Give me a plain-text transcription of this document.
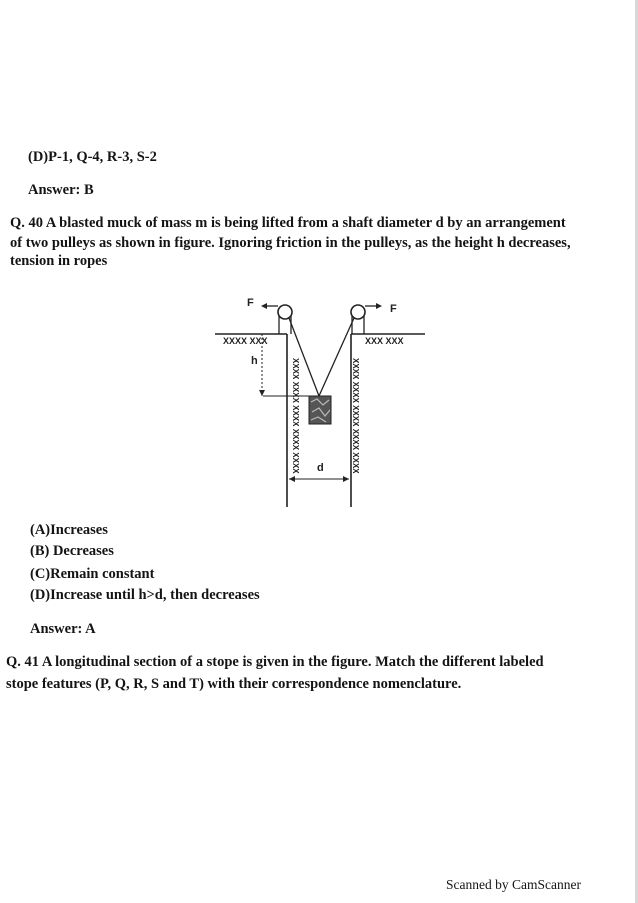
(D)P-1, Q-4, R-3, S-2
Answer: B
Q. 40 A blasted muck of mass m is being lifted from a shaft diameter d by an arrangement
of two pulleys as shown in figure. Ignoring friction in the pulleys, as the height h decreases,
tension in ropes
XXXX XXX	XXX XXX
XXXX XXXX XXXX XXXX XXXX	XXXX XXXX XXXX XXXX XXXX
F	F
h
d
(A)Increases
(B) Decreases
(C)Remain constant
(D)Increase until h>d, then decreases
Answer: A
Q. 41 A longitudinal section of a stope is given in the figure. Match the different labeled
stope features (P, Q, R, S and T) with their correspondence nomenclature.
Scanned by CamScanner
